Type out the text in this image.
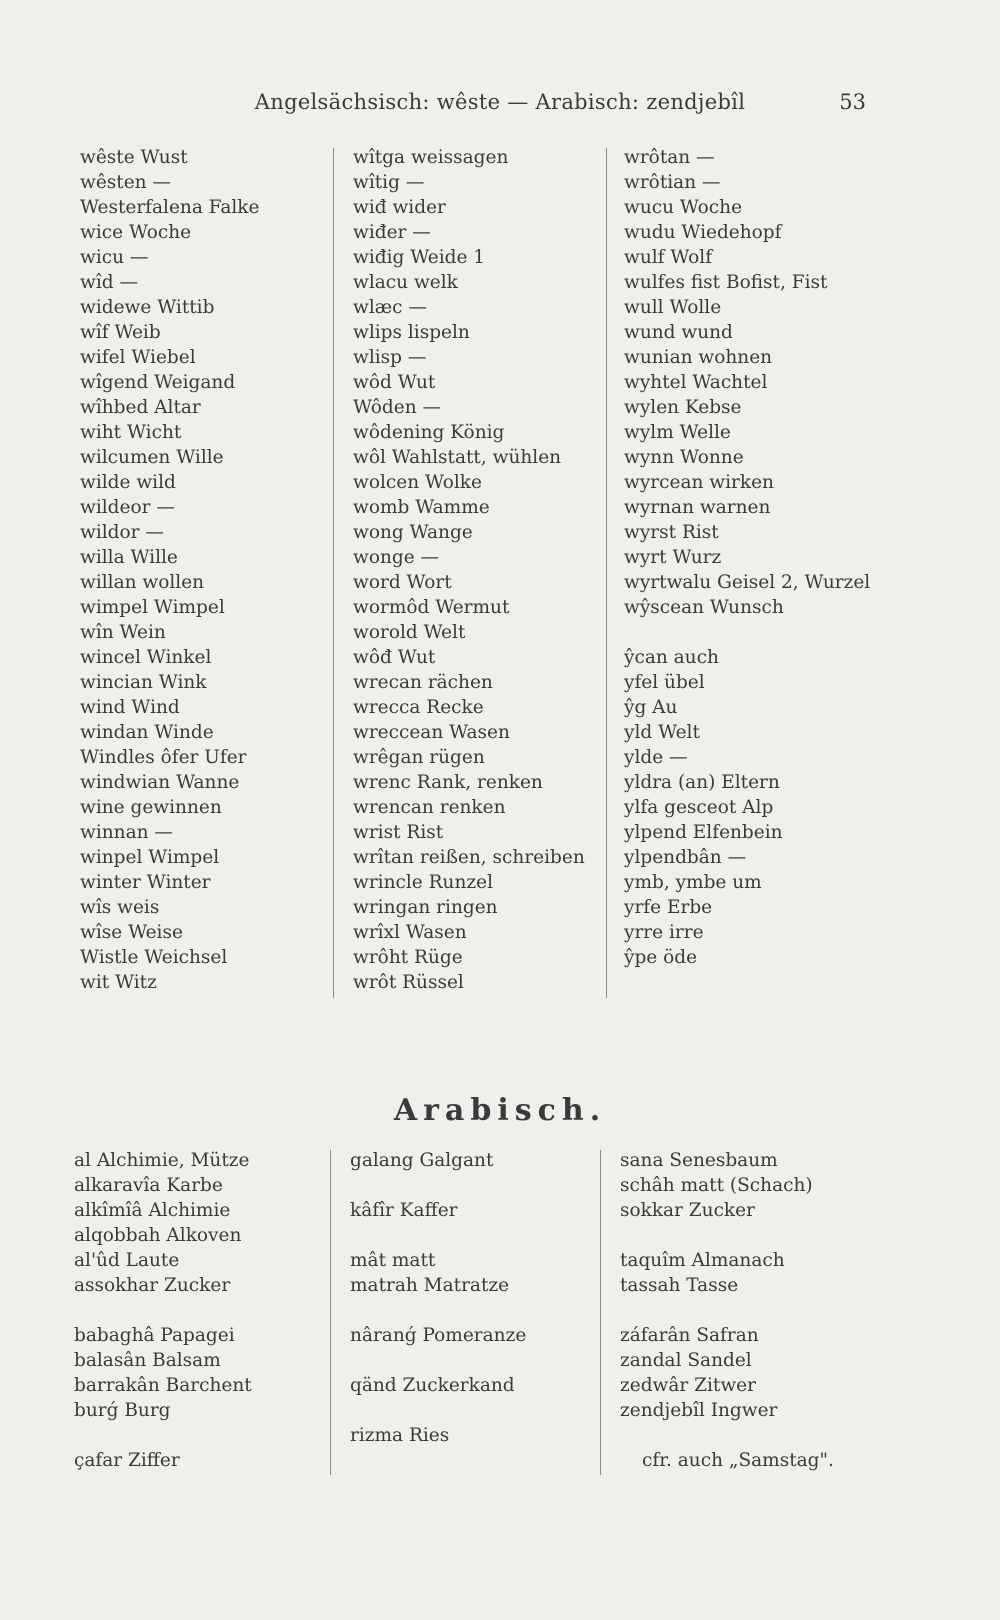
Angelsächsisch: wêste — Arabisch: zendjebîl	53
wêste Wust
wêsten —
Westerfalena Falke
wice Woche
wicu —
wîd —
widewe Wittib
wîf Weib
wifel Wiebel
wîgend Weigand
wîhbed Altar
wiht Wicht
wilcumen Wille
wilde wild
wildeor —
wildor —
willa Wille
willan wollen
wimpel Wimpel
wîn Wein
wincel Winkel
wincian Wink
wind Wind
windan Winde
Windles ôfer Ufer
windwian Wanne
wine gewinnen
winnan —
winpel Wimpel
winter Winter
wîs weis
wîse Weise
Wistle Weichsel
wit Witz
wîtga weissagen
wîtig —
wiđ wider
wiđer —
wiđig Weide 1
wlacu welk
wlæc —
wlips lispeln
wlisp —
wôd Wut
Wôden —
wôdening König
wôl Wahlstatt, wühlen
wolcen Wolke
womb Wamme
wong Wange
wonge —
word Wort
wormôd Wermut
worold Welt
wôđ Wut
wrecan rächen
wrecca Recke
wreccean Wasen
wrêgan rügen
wrenc Rank, renken
wrencan renken
wrist Rist
wrîtan reißen, schreiben
wrincle Runzel
wringan ringen
wrîxl Wasen
wrôht Rüge
wrôt Rüssel
wrôtan —
wrôtian —
wucu Woche
wudu Wiedehopf
wulf Wolf
wulfes fist Bofist, Fist
wull Wolle
wund wund
wunian wohnen
wyhtel Wachtel
wylen Kebse
wylm Welle
wynn Wonne
wyrcean wirken
wyrnan warnen
wyrst Rist
wyrt Wurz
wyrtwalu Geisel 2, Wurzel
wŷscean Wunsch
ŷcan auch
yfel übel
ŷg Au
yld Welt
ylde —
yldra (an) Eltern
ylfa gesceot Alp
ylpend Elfenbein
ylpendbân —
ymb, ymbe um
yrfe Erbe
yrre irre
ŷpe öde
Arabisch.
al Alchimie, Mütze
alkaravîa Karbe
alkîmîâ Alchimie
alqobbah Alkoven
al'ûd Laute
assokhar Zucker
babaghâ Papagei
balasân Balsam
barrakân Barchent
burǵ Burg
çafar Ziffer
galang Galgant
kâfîr Kaffer
mât matt
matrah Matratze
nâranǵ Pomeranze
qänd Zuckerkand
rizma Ries
sana Senesbaum
schâh matt (Schach)
sokkar Zucker
taquîm Almanach
tassah Tasse
záfarân Safran
zandal Sandel
zedwâr Zitwer
zendjebîl Ingwer
cfr. auch „Samstag".
